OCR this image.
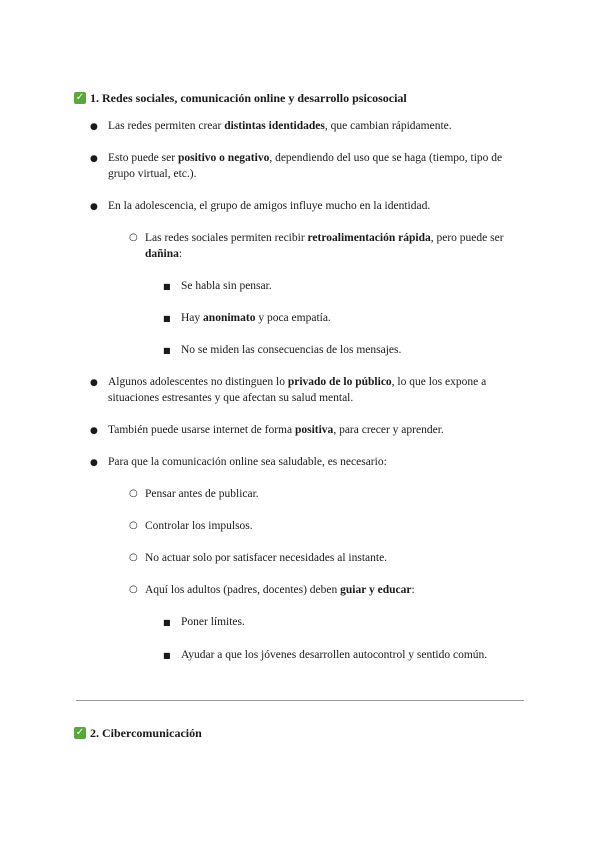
✓ 1. Redes sociales, comunicación online y desarrollo psicosocial
● Las redes permiten crear distintas identidades, que cambian rápidamente.
● Esto puede ser positivo o negativo, dependiendo del uso que se haga (tiempo, tipo de grupo virtual, etc.).
● En la adolescencia, el grupo de amigos influye mucho en la identidad.
○ Las redes sociales permiten recibir retroalimentación rápida, pero puede ser dañina:
■ Se habla sin pensar.
■ Hay anonimato y poca empatía.
■ No se miden las consecuencias de los mensajes.
● Algunos adolescentes no distinguen lo privado de lo público, lo que los expone a situaciones estresantes y que afectan su salud mental.
● También puede usarse internet de forma positiva, para crecer y aprender.
● Para que la comunicación online sea saludable, es necesario:
○ Pensar antes de publicar.
○ Controlar los impulsos.
○ No actuar solo por satisfacer necesidades al instante.
○ Aquí los adultos (padres, docentes) deben guiar y educar:
■ Poner límites.
■ Ayudar a que los jóvenes desarrollen autocontrol y sentido común.
✓ 2. Cibercomunicación
